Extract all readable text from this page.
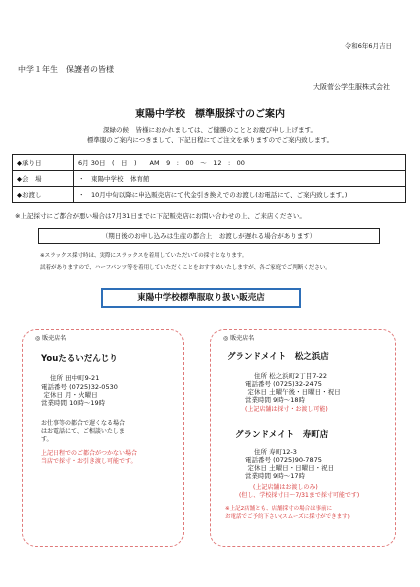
令和6年6月吉日
中学１年生　保護者の皆様
大阪菅公学生服株式会社
東陽中学校　標準服採寸のご案内
深緑の候　皆様におかれましては、ご健勝のこととお慶び申し上げます。
標準服のご案内につきまして、下記日程にてご注文を承りますのでご案内致します。
◆承り日	6月 30日　(　日　)　　AM　9　:　00　～　12　:　00
◆会　場	・　東陽中学校　体育館
◆お渡し	・　10月中旬以降に申込販売店にて代金引き換えでのお渡し(お電話にて、ご案内致します。)
※上記採寸にご都合が悪い場合は7月31日までに下記販売店にお問い合わせの上、ご来店ください。
（期日後のお申し込みは生産の都合上　お渡しが遅れる場合があります）
※スラックス採寸時は、実際にスラックスを着用していただいての採寸となります。
試着がありますので、ハーフパンツ等を着用していただくことをおすすめいたしますが、各ご家庭でご判断ください。
東陽中学校標準服取り扱い販売店
◎ 販売店名
Youたるいだんじり
住所 田中町9-21
電話番号 (0725)32-0530
定休日 月・火曜日
営業時間 10時～19時
お仕事等の都合で遅くなる場合
はお電話にて、ご相談いたしま
す。
上記日程でのご都合がつかない場合
当店で採寸・お引き渡し可能です。
◎ 販売店名
グランドメイト　松之浜店
住所 松之浜町2丁目7-22
電話番号 (0725)32-2475
定休日 土曜午後・日曜日・祝日
営業時間 9時～18時
(上記店舗は採寸・お渡し可能)
グランドメイト　寿町店
住所 寿町12-3
電話番号 (0725)90-7875
定休日 土曜日・日曜日・祝日
営業時間 9時～17時
(上記店舗はお渡しのみ)
(但し、学校採寸日～7/31まで採寸可能です)
※上記2店舗とも、店舗採寸の場合は事前に
お電話でご予約下さい(スムーズに採寸ができます)
